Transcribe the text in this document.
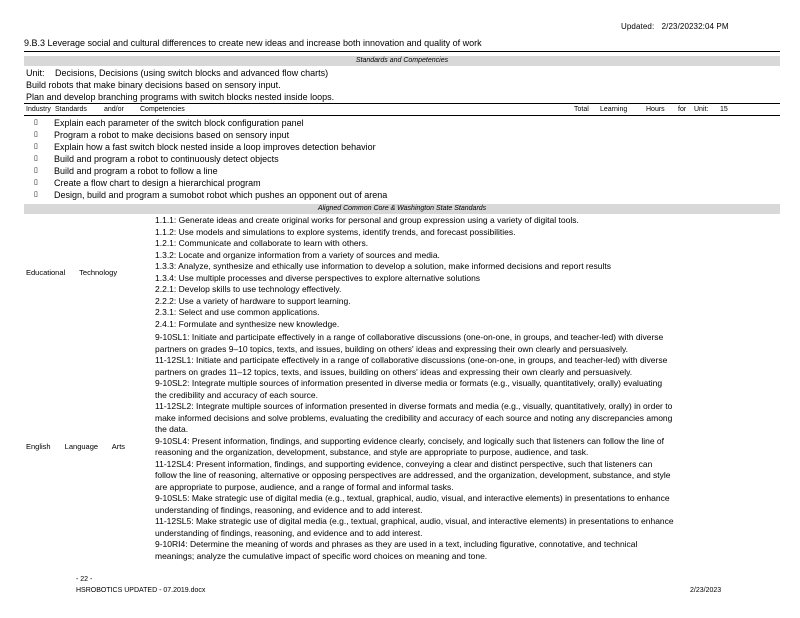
Updated: 2/23/20232:04 PM
9.B.3 Leverage social and cultural differences to create new ideas and increase both innovation and quality of work
Standards and Competencies
Unit: Decisions, Decisions (using switch blocks and advanced flow charts)
Build robots that make binary decisions based on sensory input.
Plan and develop branching programs with switch blocks nested inside loops.
Industry Standards and/or Competencies	Total Learning	Hours for Unit: 15
▯ Explain each parameter of the switch block configuration panel
▯ Program a robot to make decisions based on sensory input
▯ Explain how a fast switch block nested inside a loop improves detection behavior
▯ Build and program a robot to continuously detect objects
▯ Build and program a robot to follow a line
▯ Create a flow chart to design a hierarchical program
▯ Design, build and program a sumobot robot which pushes an opponent out of arena
Aligned Common Core & Washington State Standards
Educational Technology
1.1.1: Generate ideas and create original works for personal and group expression using a variety of digital tools.
1.1.2: Use models and simulations to explore systems, identify trends, and forecast possibilities.
1.2.1: Communicate and collaborate to learn with others.
1.3.2: Locate and organize information from a variety of sources and media.
1.3.3: Analyze, synthesize and ethically use information to develop a solution, make informed decisions and report results
1.3.4: Use multiple processes and diverse perspectives to explore alternative solutions
2.2.1: Develop skills to use technology effectively.
2.2.2: Use a variety of hardware to support learning.
2.3.1: Select and use common applications.
2.4.1: Formulate and synthesize new knowledge.
English Language Arts
9-10SL1: Initiate and participate effectively in a range of collaborative discussions (one-on-one, in groups, and teacher-led) with diverse
partners on grades 9–10 topics, texts, and issues, building on others' ideas and expressing their own clearly and persuasively.
11-12SL1: Initiate and participate effectively in a range of collaborative discussions (one-on-one, in groups, and teacher-led) with diverse
partners on grades 11–12 topics, texts, and issues, building on others' ideas and expressing their own clearly and persuasively.
9-10SL2: Integrate multiple sources of information presented in diverse media or formats (e.g., visually, quantitatively, orally) evaluating
the credibility and accuracy of each source.
11-12SL2: Integrate multiple sources of information presented in diverse formats and media (e.g., visually, quantitatively, orally) in order to
make informed decisions and solve problems, evaluating the credibility and accuracy of each source and noting any discrepancies among
the data.
9-10SL4: Present information, findings, and supporting evidence clearly, concisely, and logically such that listeners can follow the line of
reasoning and the organization, development, substance, and style are appropriate to purpose, audience, and task.
11-12SL4: Present information, findings, and supporting evidence, conveying a clear and distinct perspective, such that listeners can
follow the line of reasoning, alternative or opposing perspectives are addressed, and the organization, development, substance, and style
are appropriate to purpose, audience, and a range of formal and informal tasks.
9-10SL5: Make strategic use of digital media (e.g., textual, graphical, audio, visual, and interactive elements) in presentations to enhance
understanding of findings, reasoning, and evidence and to add interest.
11-12SL5: Make strategic use of digital media (e.g., textual, graphical, audio, visual, and interactive elements) in presentations to enhance
understanding of findings, reasoning, and evidence and to add interest.
9-10RI4: Determine the meaning of words and phrases as they are used in a text, including figurative, connotative, and technical
meanings; analyze the cumulative impact of specific word choices on meaning and tone.
- 22 -
HSROBOTICS UPDATED - 07.2019.docx	2/23/2023
